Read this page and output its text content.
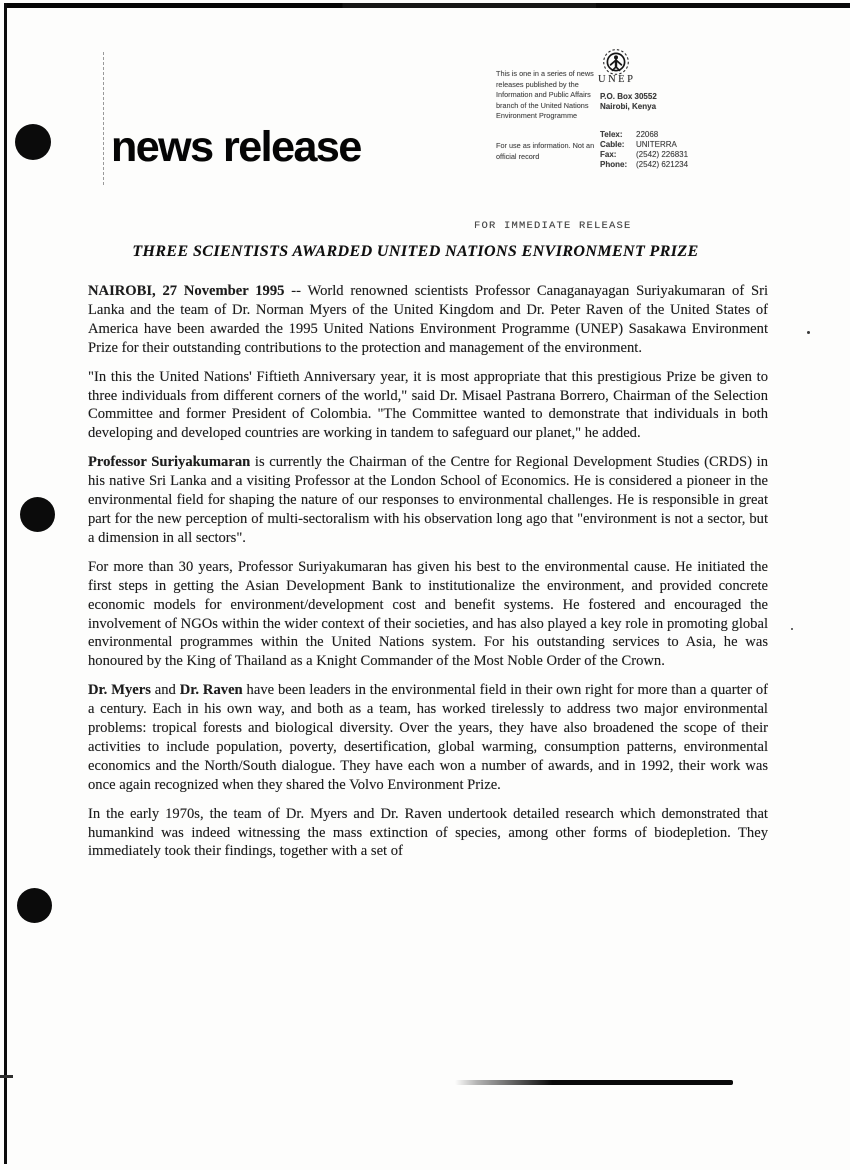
news release
This is one in a series of news releases published by the Information and Public Affairs branch of the United Nations Environment Programme
For use as information. Not an official record
UNEP
P.O. Box 30552
Nairobi, Kenya
Telex:	22068
Cable:	UNITERRA
Fax:	(2542) 226831
Phone:	(2542) 621234
FOR IMMEDIATE RELEASE
THREE SCIENTISTS AWARDED UNITED NATIONS ENVIRONMENT PRIZE

NAIROBI, 27 November 1995 -- World renowned scientists Professor Canaganayagan Suriyakumaran of Sri Lanka and the team of Dr. Norman Myers of the United Kingdom and Dr. Peter Raven of the United States of America have been awarded the 1995 United Nations Environment Programme (UNEP) Sasakawa Environment Prize for their outstanding contributions to the protection and management of the environment.

"In this the United Nations' Fiftieth Anniversary year, it is most appropriate that this prestigious Prize be given to three individuals from different corners of the world," said Dr. Misael Pastrana Borrero, Chairman of the Selection Committee and former President of Colombia. "The Committee wanted to demonstrate that individuals in both developing and developed countries are working in tandem to safeguard our planet," he added.

Professor Suriyakumaran is currently the Chairman of the Centre for Regional Development Studies (CRDS) in his native Sri Lanka and a visiting Professor at the London School of Economics. He is considered a pioneer in the environmental field for shaping the nature of our responses to environmental challenges. He is responsible in great part for the new perception of multi-sectoralism with his observation long ago that "environment is not a sector, but a dimension in all sectors".

For more than 30 years, Professor Suriyakumaran has given his best to the environmental cause. He initiated the first steps in getting the Asian Development Bank to institutionalize the environment, and provided concrete economic models for environment/development cost and benefit systems. He fostered and encouraged the involvement of NGOs within the wider context of their societies, and has also played a key role in promoting global environmental programmes within the United Nations system. For his outstanding services to Asia, he was honoured by the King of Thailand as a Knight Commander of the Most Noble Order of the Crown.

Dr. Myers and Dr. Raven have been leaders in the environmental field in their own right for more than a quarter of a century. Each in his own way, and both as a team, has worked tirelessly to address two major environmental problems: tropical forests and biological diversity. Over the years, they have also broadened the scope of their activities to include population, poverty, desertification, global warming, consumption patterns, environmental economics and the North/South dialogue. They have each won a number of awards, and in 1992, their work was once again recognized when they shared the Volvo Environment Prize.

In the early 1970s, the team of Dr. Myers and Dr. Raven undertook detailed research which demonstrated that humankind was indeed witnessing the mass extinction of species, among other forms of biodepletion. They immediately took their findings, together with a set of
